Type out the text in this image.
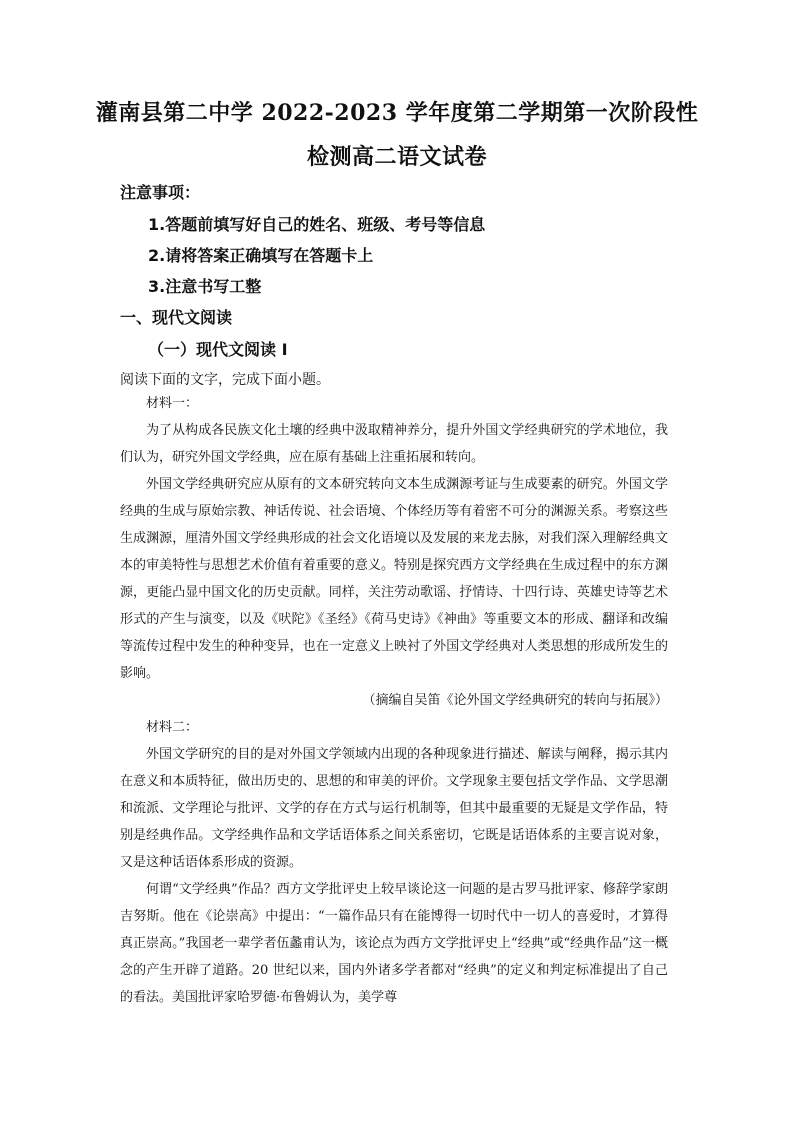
灌南县第二中学 2022-2023 学年度第二学期第一次阶段性
检测高二语文试卷
注意事项：
1.答题前填写好自己的姓名、班级、考号等信息
2.请将答案正确填写在答题卡上
3.注意书写工整
一、现代文阅读
（一）现代文阅读 I
阅读下面的文字，完成下面小题。

材料一：

为了从构成各民族文化土壤的经典中汲取精神养分，提升外国文学经典研究的学术地位，我们认为，研究外国文学经典，应在原有基础上注重拓展和转向。

外国文学经典研究应从原有的文本研究转向文本生成渊源考证与生成要素的研究。外国文学经典的生成与原始宗教、神话传说、社会语境、个体经历等有着密不可分的渊源关系。考察这些生成渊源，厘清外国文学经典形成的社会文化语境以及发展的来龙去脉，对我们深入理解经典文本的审美特性与思想艺术价值有着重要的意义。特别是探究西方文学经典在生成过程中的东方渊源，更能凸显中国文化的历史贡献。同样，关注劳动歌谣、抒情诗、十四行诗、英雄史诗等艺术形式的产生与演变，以及《吠陀》《圣经》《荷马史诗》《神曲》等重要文本的形成、翻译和改编等流传过程中发生的种种变异，也在一定意义上映衬了外国文学经典对人类思想的形成所发生的影响。

（摘编自吴笛《论外国文学经典研究的转向与拓展》）

材料二：

外国文学研究的目的是对外国文学领域内出现的各种现象进行描述、解读与阐释，揭示其内在意义和本质特征，做出历史的、思想的和审美的评价。文学现象主要包括文学作品、文学思潮和流派、文学理论与批评、文学的存在方式与运行机制等，但其中最重要的无疑是文学作品，特别是经典作品。文学经典作品和文学话语体系之间关系密切，它既是话语体系的主要言说对象，又是这种话语体系形成的资源。

何谓“文学经典”作品？西方文学批评史上较早谈论这一问题的是古罗马批评家、修辞学家朗吉努斯。他在《论崇高》中提出：“一篇作品只有在能博得一切时代中一切人的喜爱时，才算得真正崇高。”我国老一辈学者伍蠡甫认为，该论点为西方文学批评史上“经典”或“经典作品”这一概念的产生开辟了道路。20 世纪以来，国内外诸多学者都对“经典”的定义和判定标准提出了自己的看法。美国批评家哈罗德·布鲁姆认为，美学尊
